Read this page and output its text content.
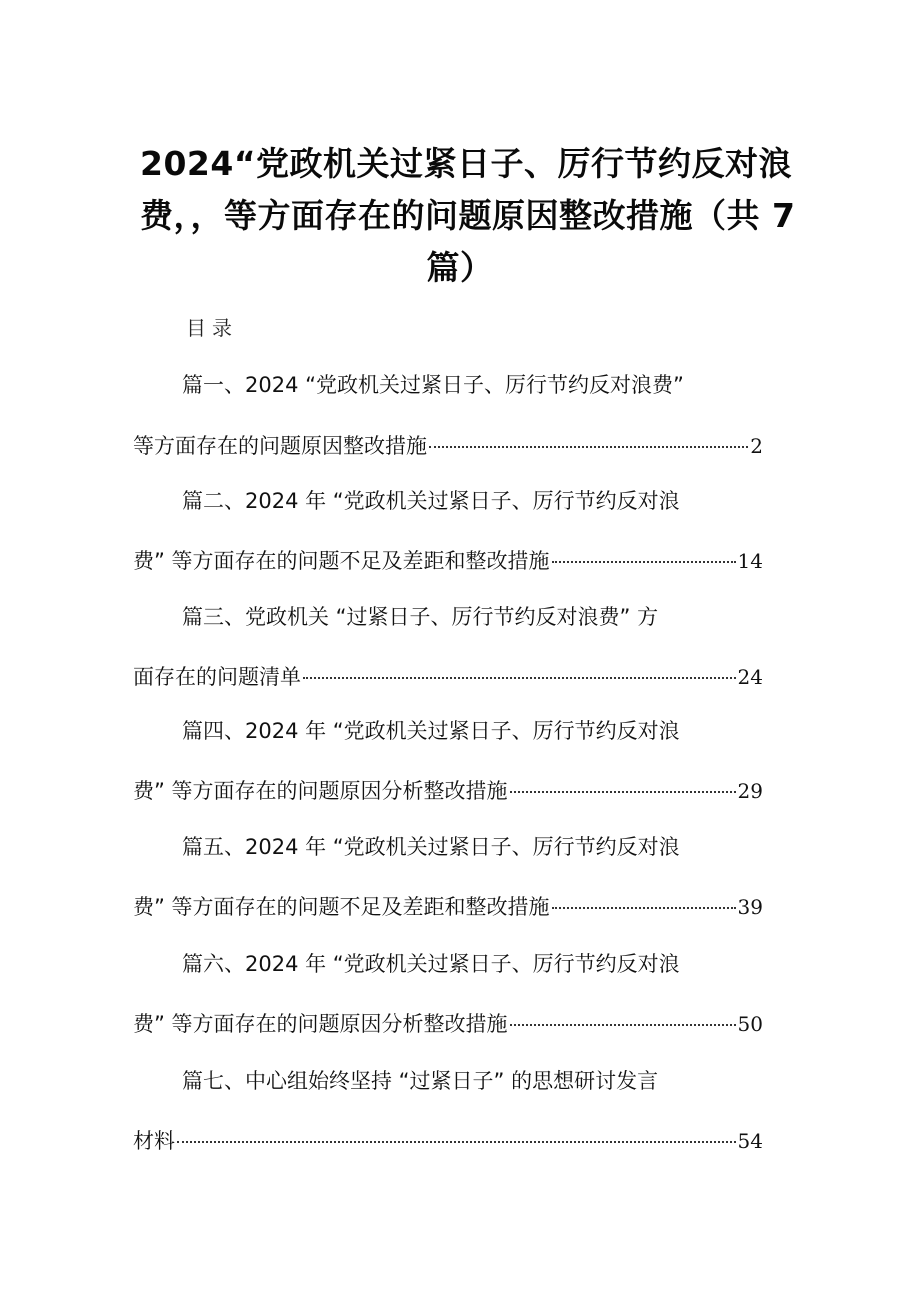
2024“党政机关过紧日子、厉行节约反对浪
费，，等方面存在的问题原因整改措施（共 7
篇）
目录
篇一、2024 “党政机关过紧日子、厉行节约反对浪费”
等方面存在的问题原因整改措施	2
篇二、2024 年 “党政机关过紧日子、厉行节约反对浪
费” 等方面存在的问题不足及差距和整改措施	14
篇三、党政机关 “过紧日子、厉行节约反对浪费” 方
面存在的问题清单	24
篇四、2024 年 “党政机关过紧日子、厉行节约反对浪
费” 等方面存在的问题原因分析整改措施	29
篇五、2024 年 “党政机关过紧日子、厉行节约反对浪
费” 等方面存在的问题不足及差距和整改措施	39
篇六、2024 年 “党政机关过紧日子、厉行节约反对浪
费” 等方面存在的问题原因分析整改措施	50
篇七、中心组始终坚持 “过紧日子” 的思想研讨发言
材料	54
